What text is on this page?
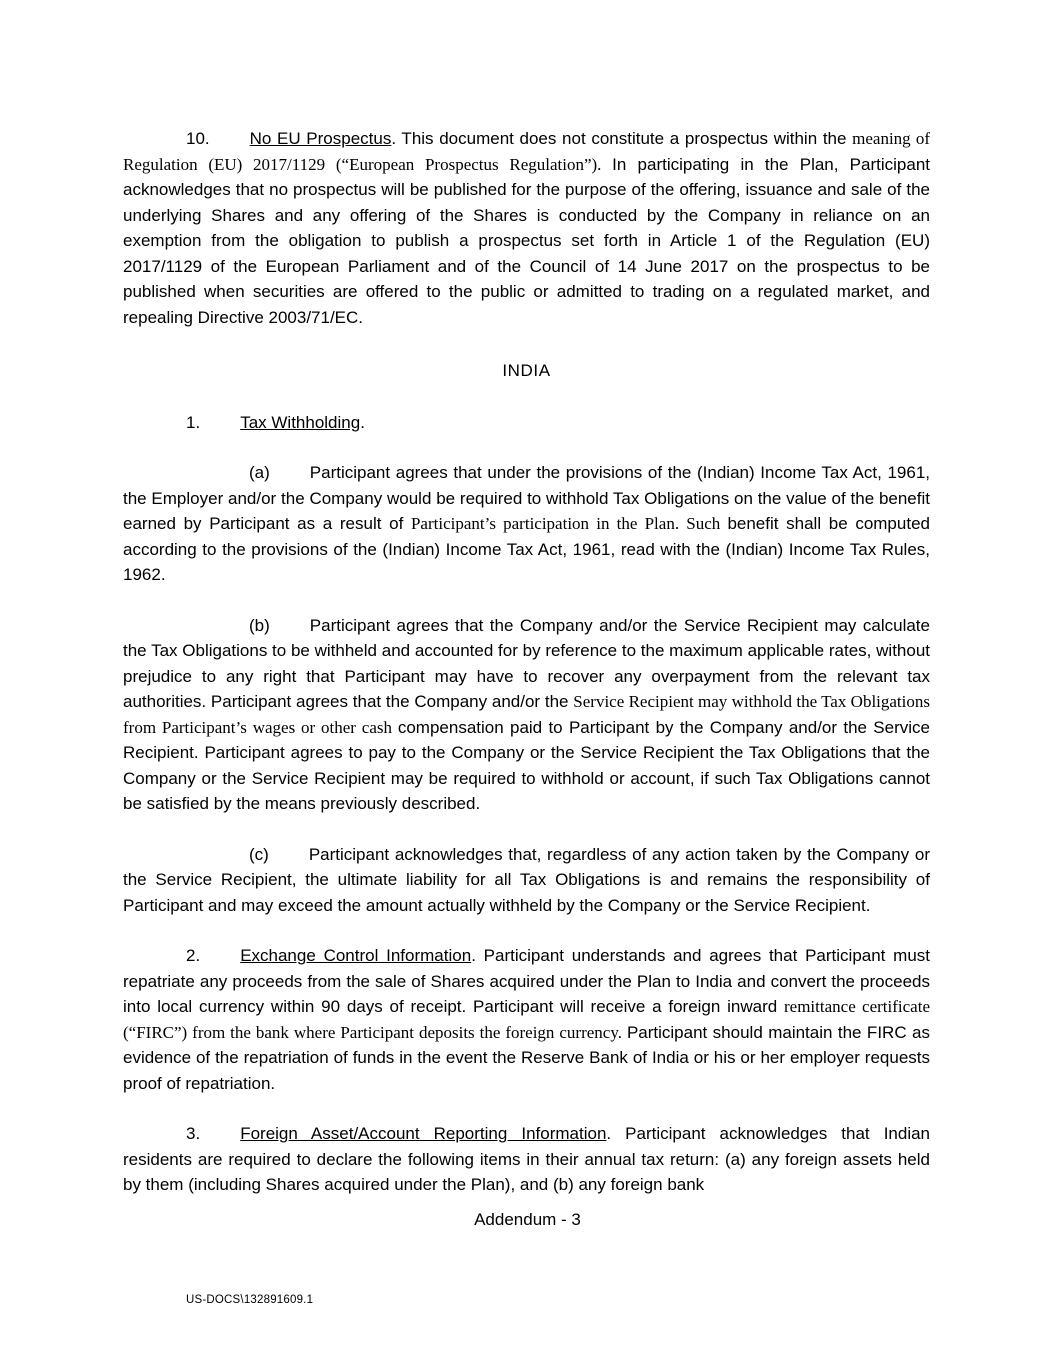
10. No EU Prospectus. This document does not constitute a prospectus within the meaning of Regulation (EU) 2017/1129 (“European Prospectus Regulation”). In participating in the Plan, Participant acknowledges that no prospectus will be published for the purpose of the offering, issuance and sale of the underlying Shares and any offering of the Shares is conducted by the Company in reliance on an exemption from the obligation to publish a prospectus set forth in Article 1 of the Regulation (EU) 2017/1129 of the European Parliament and of the Council of 14 June 2017 on the prospectus to be published when securities are offered to the public or admitted to trading on a regulated market, and repealing Directive 2003/71/EC.

INDIA

1. Tax Withholding.

(a) Participant agrees that under the provisions of the (Indian) Income Tax Act, 1961, the Employer and/or the Company would be required to withhold Tax Obligations on the value of the benefit earned by Participant as a result of Participant’s participation in the Plan. Such benefit shall be computed according to the provisions of the (Indian) Income Tax Act, 1961, read with the (Indian) Income Tax Rules, 1962.

(b) Participant agrees that the Company and/or the Service Recipient may calculate the Tax Obligations to be withheld and accounted for by reference to the maximum applicable rates, without prejudice to any right that Participant may have to recover any overpayment from the relevant tax authorities. Participant agrees that the Company and/or the Service Recipient may withhold the Tax Obligations from Participant’s wages or other cash compensation paid to Participant by the Company and/or the Service Recipient. Participant agrees to pay to the Company or the Service Recipient the Tax Obligations that the Company or the Service Recipient may be required to withhold or account, if such Tax Obligations cannot be satisfied by the means previously described.

(c) Participant acknowledges that, regardless of any action taken by the Company or the Service Recipient, the ultimate liability for all Tax Obligations is and remains the responsibility of Participant and may exceed the amount actually withheld by the Company or the Service Recipient.

2. Exchange Control Information. Participant understands and agrees that Participant must repatriate any proceeds from the sale of Shares acquired under the Plan to India and convert the proceeds into local currency within 90 days of receipt. Participant will receive a foreign inward remittance certificate (“FIRC”) from the bank where Participant deposits the foreign currency. Participant should maintain the FIRC as evidence of the repatriation of funds in the event the Reserve Bank of India or his or her employer requests proof of repatriation.

3. Foreign Asset/Account Reporting Information. Participant acknowledges that Indian residents are required to declare the following items in their annual tax return: (a) any foreign assets held by them (including Shares acquired under the Plan), and (b) any foreign bank

Addendum - 3
US-DOCS\132891609.1
